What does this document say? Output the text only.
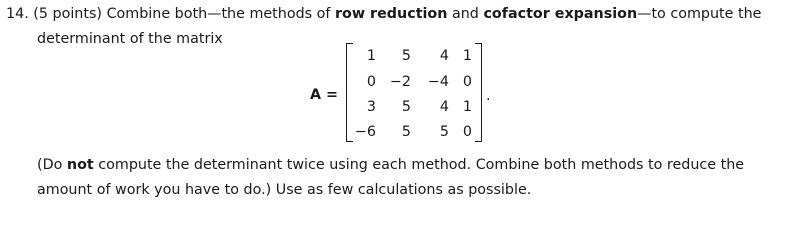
14. (5 points) Combine both—the methods of row reduction and cofactor expansion—to compute the
determinant of the matrix
A =
1	5	4 1
0 −2	−4 0
3	5	4 1
−6	5	5 0
.
(Do not compute the determinant twice using each method. Combine both methods to reduce the
amount of work you have to do.) Use as few calculations as possible.
